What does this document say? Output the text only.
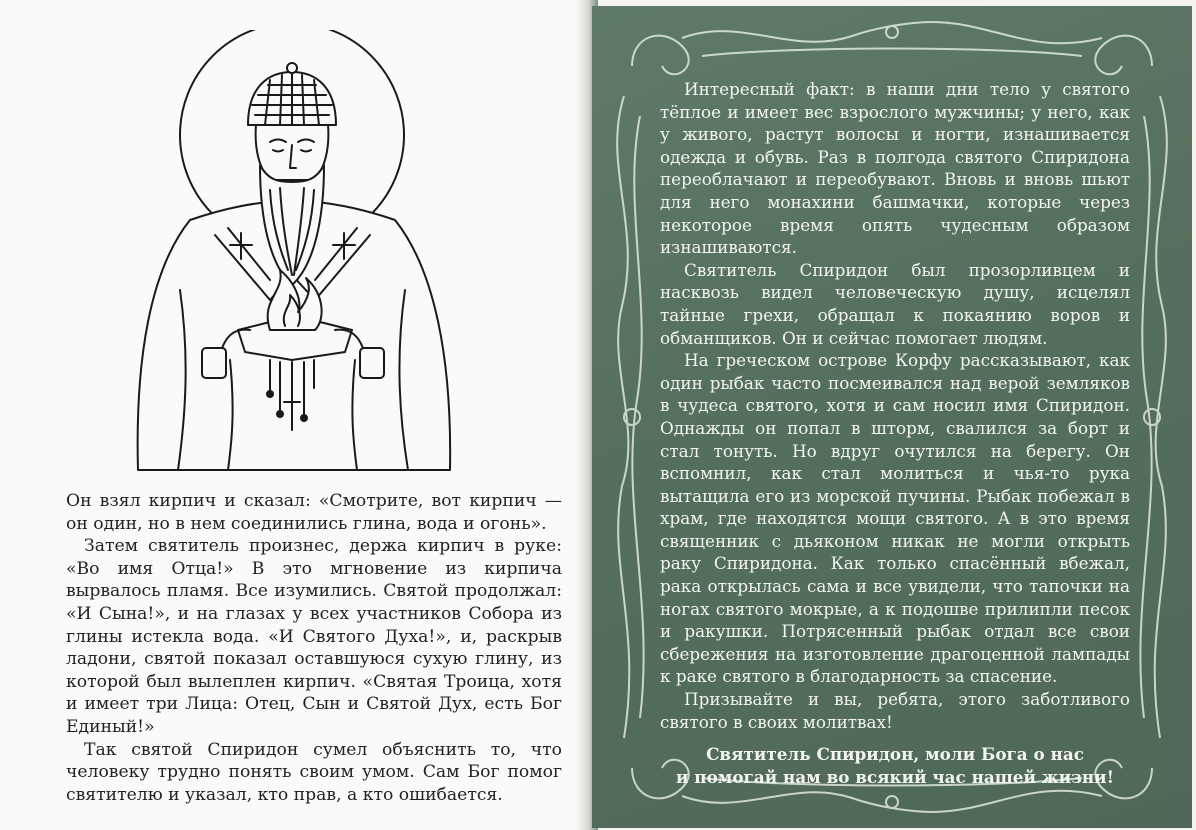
Он взял кирпич и сказал: «Смотрите, вот кирпич — он один, но в нем соединились глина, вода и огонь».

Затем святитель произнес, держа кирпич в руке: «Во имя Отца!» В это мгновение из кирпича вырвалось пламя. Все изумились. Святой продолжал: «И Сына!», и на глазах у всех участников Собора из глины истекла вода. «И Святого Духа!», и, раскрыв ладони, святой показал оставшуюся сухую глину, из которой был вылеплен кирпич. «Святая Троица, хотя и имеет три Лица: Отец, Сын и Святой Дух, есть Бог Единый!»

Так святой Спиридон сумел объяснить то, что человеку трудно понять своим умом. Сам Бог помог святителю и указал, кто прав, а кто ошибается.

Интересный факт: в наши дни тело у святого тёплое и имеет вес взрослого мужчины; у него, как у живого, растут волосы и ногти, изнашивается одежда и обувь. Раз в полгода святого Спиридона переоблачают и переобувают. Вновь и вновь шьют для него монахини башмачки, которые через некоторое время опять чудесным образом изнашиваются.

Святитель Спиридон был прозорливцем и насквозь видел человеческую душу, исцелял тайные грехи, обращал к покаянию воров и обманщиков. Он и сейчас помогает людям.

На греческом острове Корфу рассказывают, как один рыбак часто посмеивался над верой земляков в чудеса святого, хотя и сам носил имя Спиридон. Однажды он попал в шторм, свалился за борт и стал тонуть. Но вдруг очутился на берегу. Он вспомнил, как стал молиться и чья-то рука вытащила его из морской пучины. Рыбак побежал в храм, где находятся мощи святого. А в это время священник с дьяконом никак не могли открыть раку Спиридона. Как только спасённый вбежал, рака открылась сама и все увидели, что тапочки на ногах святого мокрые, а к подошве прилипли песок и ракушки. Потрясенный рыбак отдал все свои сбережения на изготовление драгоценной лампады к раке святого в благодарность за спасение.

Призывайте и вы, ребята, этого заботливого святого в своих молитвах!

Святитель Спиридон, моли Бога о нас
и помогай нам во всякий час нашей жизни!
